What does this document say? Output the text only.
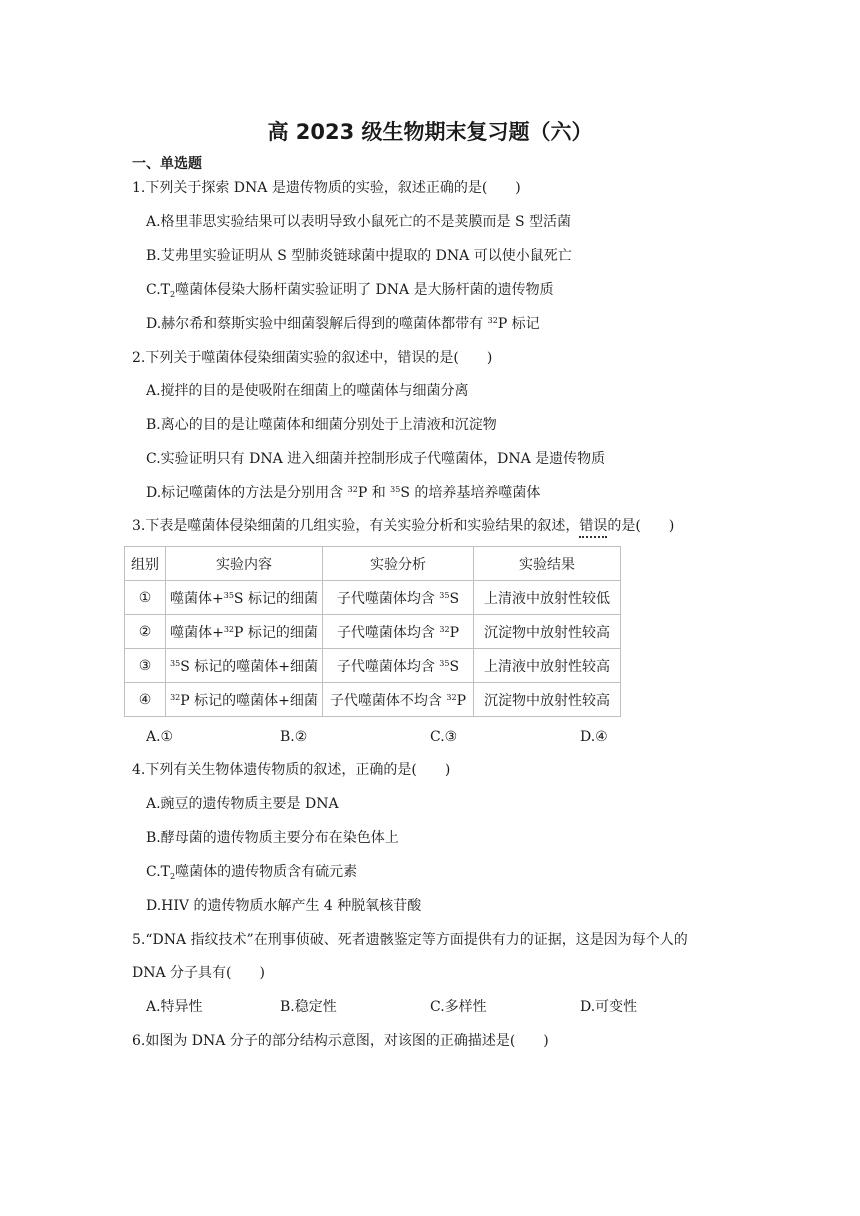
高 2023 级生物期末复习题（六）
一、单选题
1.下列关于探索 DNA 是遗传物质的实验，叙述正确的是(　　)
A.格里菲思实验结果可以表明导致小鼠死亡的不是荚膜而是 S 型活菌
B.艾弗里实验证明从 S 型肺炎链球菌中提取的 DNA 可以使小鼠死亡
$C.T_2$噬菌体侵染大肠杆菌实验证明了 DNA 是大肠杆菌的遗传物质
D.赫尔希和蔡斯实验中细菌裂解后得到的噬菌体都带有 $^{32}$P 标记
2.下列关于噬菌体侵染细菌实验的叙述中，错误的是(　　)
A.搅拌的目的是使吸附在细菌上的噬菌体与细菌分离
B.离心的目的是让噬菌体和细菌分别处于上清液和沉淀物
C.实验证明只有 DNA 进入细菌并控制形成子代噬菌体，DNA 是遗传物质
D.标记噬菌体的方法是分别用含 $^{32}$P 和 $^{35}$S 的培养基培养噬菌体
3.下表是噬菌体侵染细菌的几组实验，有关实验分析和实验结果的叙述，错误的是(　　)
组别	实验内容	实验分析	实验结果
①	噬菌体+$^{35}$S 标记的细菌	子代噬菌体均含 $^{35}$S	上清液中放射性较低
②	噬菌体+$^{32}$P 标记的细菌	子代噬菌体均含 $^{32}$P	沉淀物中放射性较高
③	$^{35}$S 标记的噬菌体+细菌	子代噬菌体均含 $^{35}$S	上清液中放射性较高
④	$^{32}$P 标记的噬菌体+细菌	子代噬菌体不均含 $^{32}$P	沉淀物中放射性较高
A.①	B.②	C.③	D.④
4.下列有关生物体遗传物质的叙述，正确的是(　　)
A.豌豆的遗传物质主要是 DNA
B.酵母菌的遗传物质主要分布在染色体上
$C.T_2$噬菌体的遗传物质含有硫元素
D.HIV 的遗传物质水解产生 4 种脱氧核苷酸
5.“DNA 指纹技术”在刑事侦破、死者遗骸鉴定等方面提供有力的证据，这是因为每个人的
DNA 分子具有(　　)
A.特异性	B.稳定性	C.多样性	D.可变性
6.如图为 DNA 分子的部分结构示意图，对该图的正确描述是(　　)
